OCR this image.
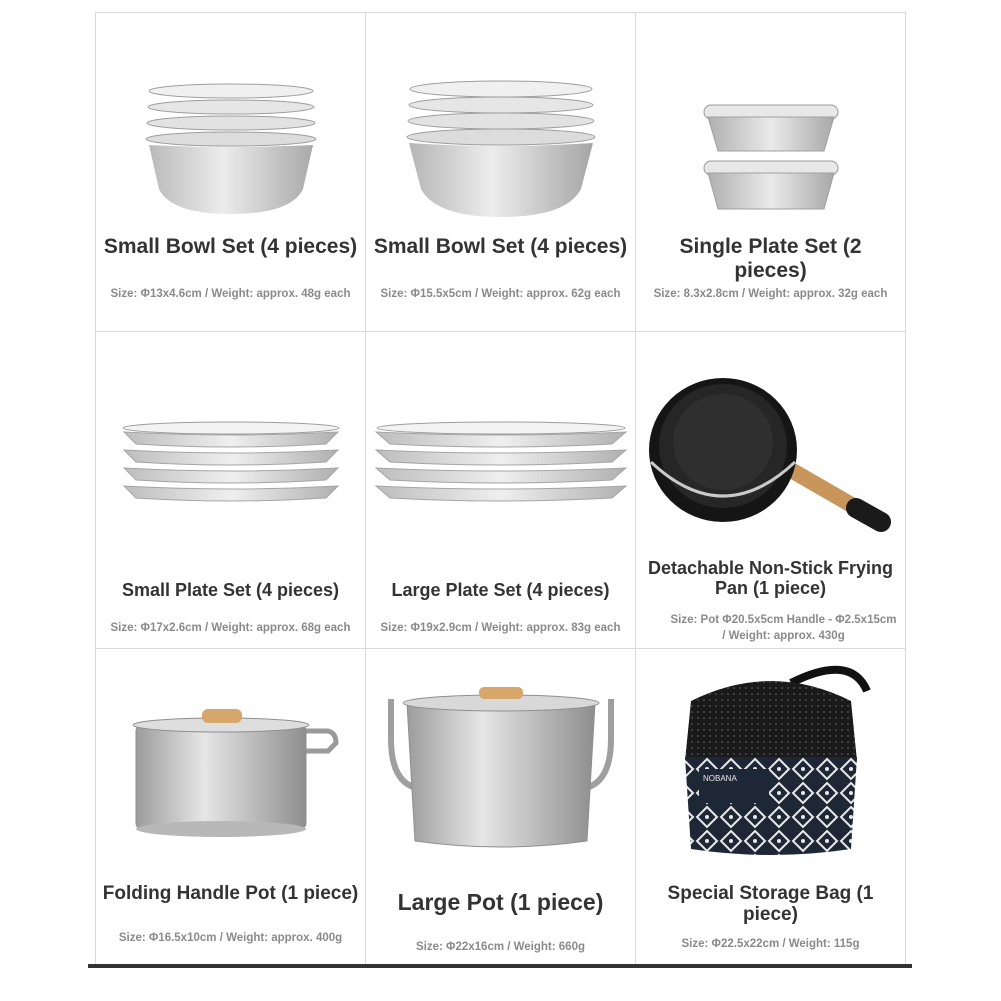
Small Bowl Set (4 pieces)
Size: Φ13x4.6cm / Weight: approx. 48g each
Small Bowl Set (4 pieces)
Size: Φ15.5x5cm / Weight: approx. 62g each
Single Plate Set (2 pieces)
Size: 8.3x2.8cm / Weight: approx. 32g each
Small Plate Set (4 pieces)
Size: Φ17x2.6cm / Weight: approx. 68g each
Large Plate Set (4 pieces)
Size: Φ19x2.9cm / Weight: approx. 83g each
Detachable Non-Stick Frying Pan (1 piece)
Size: Pot Φ20.5x5cm Handle - Φ2.5x15cm / Weight: approx. 430g
Folding Handle Pot (1 piece)
Size: Φ16.5x10cm / Weight: approx. 400g
Large Pot (1 piece)
Size: Φ22x16cm / Weight: 660g
NOBANA
Special Storage Bag (1 piece)
Size: Φ22.5x22cm / Weight: 115g
